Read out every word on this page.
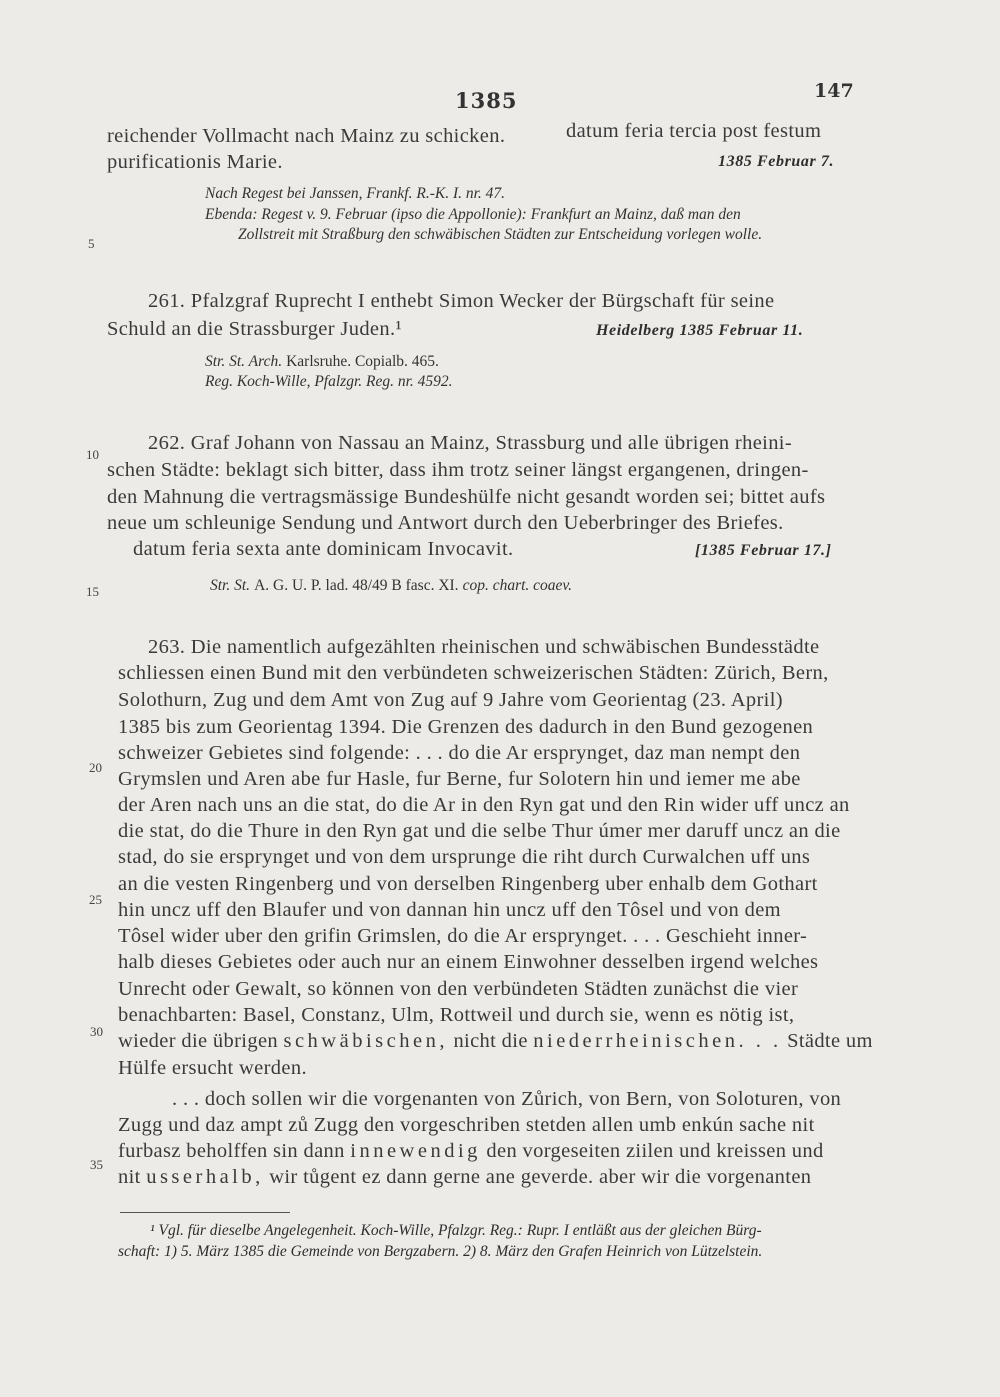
1385	147
reichender Vollmacht nach Mainz zu schicken.	datum feria tercia post festum
purificationis Marie.	1385 Februar 7.
Nach Regest bei Janssen, Frankf. R.-K. I. nr. 47.
Ebenda: Regest v. 9. Februar (ipso die Appollonie): Frankfurt an Mainz, daß man den
Zollstreit mit Straßburg den schwäbischen Städten zur Entscheidung vorlegen wolle.
261. Pfalzgraf Ruprecht I enthebt Simon Wecker der Bürgschaft für seine
Schuld an die Strassburger Juden.¹	Heidelberg 1385 Februar 11.
Str. St. Arch. Karlsruhe. Copialb. 465.
Reg. Koch-Wille, Pfalzgr. Reg. nr. 4592.
262. Graf Johann von Nassau an Mainz, Strassburg und alle übrigen rheini-
schen Städte: beklagt sich bitter, dass ihm trotz seiner längst ergangenen, dringen-
den Mahnung die vertragsmässige Bundeshülfe nicht gesandt worden sei; bittet aufs
neue um schleunige Sendung und Antwort durch den Ueberbringer des Briefes.
datum feria sexta ante dominicam Invocavit.	[1385 Februar 17.]
Str. St. A. G. U. P. lad. 48/49 B fasc. XI. cop. chart. coaev.
263. Die namentlich aufgezählten rheinischen und schwäbischen Bundesstädte
schliessen einen Bund mit den verbündeten schweizerischen Städten: Zürich, Bern,
Solothurn, Zug und dem Amt von Zug auf 9 Jahre vom Georientag (23. April)
1385 bis zum Georientag 1394. Die Grenzen des dadurch in den Bund gezogenen
schweizer Gebietes sind folgende: . . . do die Ar ersprynget, daz man nempt den
Grymslen und Aren abe fur Hasle, fur Berne, fur Solotern hin und iemer me abe
der Aren nach uns an die stat, do die Ar in den Ryn gat und den Rin wider uff uncz an
die stat, do die Thure in den Ryn gat und die selbe Thur úmer mer daruff uncz an die
stad, do sie ersprynget und von dem ursprunge die riht durch Curwalchen uff uns
an die vesten Ringenberg und von derselben Ringenberg uber enhalb dem Gothart
hin uncz uff den Blaufer und von dannan hin uncz uff den Tôsel und von dem
Tôsel wider uber den grifin Grimslen, do die Ar ersprynget. . . . Geschieht inner-
halb dieses Gebietes oder auch nur an einem Einwohner desselben irgend welches
Unrecht oder Gewalt, so können von den verbündeten Städten zunächst die vier
benachbarten: Basel, Constanz, Ulm, Rottweil und durch sie, wenn es nötig ist,
wieder die übrigen schwäbischen, nicht die niederrheinischen. . . Städte um
Hülfe ersucht werden.
. . . doch sollen wir die vorgenanten von Zůrich, von Bern, von Soloturen, von
Zugg und daz ampt zů Zugg den vorgeschriben stetden allen umb enkún sache nit
furbasz beholffen sin dann innewendig den vorgeseiten ziilen und kreissen und
nit usserhalb, wir tůgent ez dann gerne ane geverde. aber wir die vorgenanten
5
10
15
20
25
30
35
¹ Vgl. für dieselbe Angelegenheit. Koch-Wille, Pfalzgr. Reg.: Rupr. I entläßt aus der gleichen Bürg-
schaft: 1) 5. März 1385 die Gemeinde von Bergzabern. 2) 8. März den Grafen Heinrich von Lützelstein.
